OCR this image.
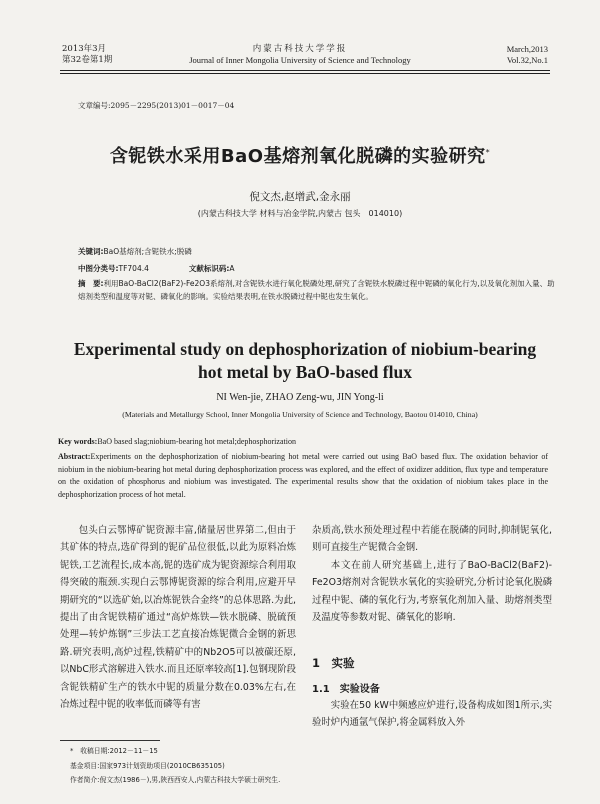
2013年3月
第32卷第1期
内蒙古科技大学学报
Journal of Inner Mongolia University of Science and Technology
March,2013
Vol.32,No.1
文章编号:2095－2295(2013)01－0017－04
含铌铁水采用BaO基熔剂氧化脱磷的实验研究*
倪文杰,赵增武,金永丽
(内蒙古科技大学 材料与冶金学院,内蒙古 包头　014010)
关键词:BaO基熔剂;含铌铁水;脱磷
中图分类号:TF704.4	文献标识码:A
摘　要:利用BaO-BaCl2(BaF2)-Fe2O3系熔剂,对含铌铁水进行氧化脱磷处理,研究了含铌铁水脱磷过程中铌磷的氧化行为,以及氧化剂加入量、助熔剂类型和温度等对铌、磷氧化的影响。实验结果表明,在铁水脱磷过程中铌也发生氧化。
Experimental study on dephosphorization of niobium-bearing
hot metal by BaO-based flux
NI Wen-jie, ZHAO Zeng-wu, JIN Yong-li
(Materials and Metallurgy School, Inner Mongolia University of Science and Technology, Baotou 014010, China)
Key words:BaO based slag;niobium-bearing hot metal;dephosphorization
Abstract:Experiments on the dephosphorization of niobium-bearing hot metal were carried out using BaO based flux. The oxidation behavior of niobium in the niobium-bearing hot metal during dephosphorization process was explored, and the effect of oxidizer addition, flux type and temperature on the oxidation of phosphorus and niobium was investigated. The experimental results show that the oxidation of niobium takes place in the dephosphorization process of hot metal.

包头白云鄂博矿铌资源丰富,储量居世界第二,但由于其矿体的特点,选矿得到的铌矿品位很低,以此为原料冶炼铌铁,工艺流程长,成本高,铌的选矿成为铌资源综合利用取得突破的瓶颈.实现白云鄂博铌资源的综合利用,应避开早期研究的“以选矿始,以冶炼铌铁合金终”的总体思路.为此,提出了由含铌铁精矿通过“高炉炼铁—铁水脱磷、脱硫预处理—转炉炼钢”三步法工艺直接冶炼铌微合金钢的新思路.研究表明,高炉过程,铁精矿中的Nb2O5可以被碳还原,以NbC形式溶解进入铁水.而且还原率较高[1].包钢现阶段含铌铁精矿生产的铁水中铌的质量分数在0.03%左右,在冶炼过程中铌的收率低而磷等有害

杂质高,铁水预处理过程中若能在脱磷的同时,抑制铌氧化,则可直接生产铌微合金钢.

本文在前人研究基础上,进行了BaO-BaCl2(BaF2)-Fe2O3熔剂对含铌铁水氧化的实验研究,分析讨论氧化脱磷过程中铌、磷的氧化行为,考察氧化剂加入量、助熔剂类型及温度等参数对铌、磷氧化的影响.

1　实验
1.1　实验设备

实验在50 kW中频感应炉进行,设备构成如图1所示,实验时炉内通氩气保护,将金属料放入外

*　收稿日期:2012－11－15
基金项目:国家973计划资助项目(2010CB635105)
作者简介:倪文杰(1986－),男,陕西西安人,内蒙古科技大学硕士研究生.
